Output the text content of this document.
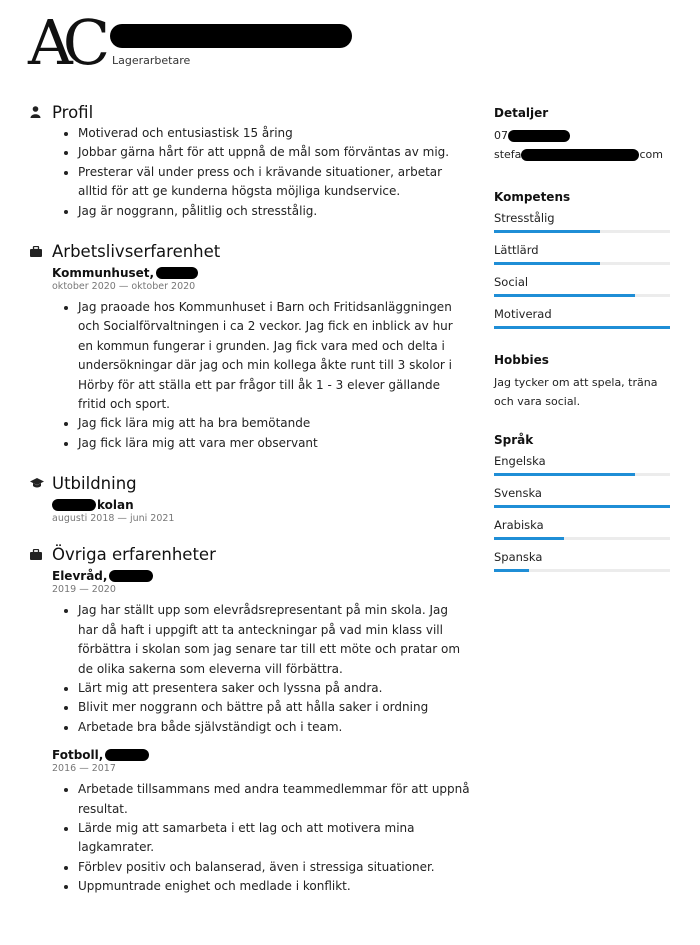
AC Lagerarbetare
Profil
• Motiverad och entusiastisk 15 åring
• Jobbar gärna hårt för att uppnå de mål som förväntas av mig.
• Presterar väl under press och i krävande situationer, arbetar alltid för att ge kunderna högsta möjliga kundservice.
• Jag är noggrann, pålitlig och stresstålig.
Arbetslivserfarenhet
Kommunhuset,
oktober 2020 — oktober 2020
• Jag praoade hos Kommunhuset i Barn och Fritidsanläggningen och Socialförvaltningen i ca 2 veckor. Jag fick en inblick av hur en kommun fungerar i grunden. Jag fick vara med och delta i undersökningar där jag och min kollega åkte runt till 3 skolor i Hörby för att ställa ett par frågor till åk 1 - 3 elever gällande fritid och sport.
• Jag fick lära mig att ha bra bemötande
• Jag fick lära mig att vara mer observant
Utbildning
kolan
augusti 2018 — juni 2021
Övriga erfarenheter
Elevråd,
2019 — 2020
• Jag har ställt upp som elevrådsrepresentant på min skola. Jag har då haft i uppgift att ta anteckningar på vad min klass vill förbättra i skolan som jag senare tar till ett möte och pratar om de olika sakerna som eleverna vill förbättra.
• Lärt mig att presentera saker och lyssna på andra.
• Blivit mer noggrann och bättre på att hålla saker i ordning
• Arbetade bra både självständigt och i team.
Fotboll,
2016 — 2017
• Arbetade tillsammans med andra teammedlemmar för att uppnå resultat.
• Lärde mig att samarbeta i ett lag och att motivera mina lagkamrater.
• Förblev positiv och balanserad, även i stressiga situationer.
• Uppmuntrade enighet och medlade i konflikt.
Detaljer
07
stefa	com
Kompetens
Stresstålig
Lättlärd
Social
Motiverad
Hobbies
Jag tycker om att spela, träna och vara social.
Språk
Engelska
Svenska
Arabiska
Spanska
